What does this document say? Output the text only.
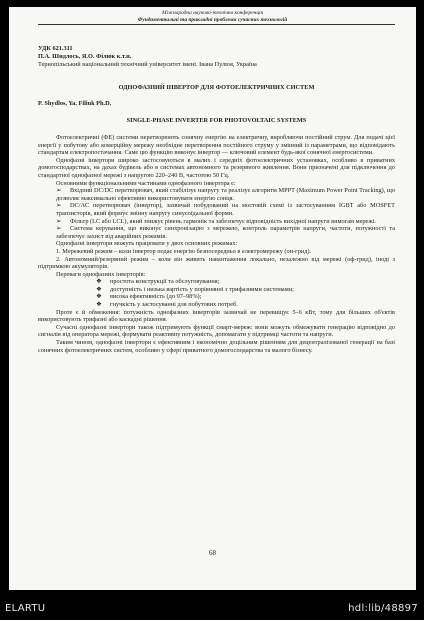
Міжнародна науково-технічна конференція
Фундаментальні та прикладні проблеми сучасних технологій
УДК 621.311
П.А. Шидлось, Я.О. Філюк к.т.н.
Тернопільський національний технічний університет імені. Івана Пулюя, Україна
ОДНОФАЗНИЙ ІНВЕРТОР ДЛЯ ФОТОЕЛЕКТРИЧНИХ СИСТЕМ
P. Shydlos, Ya. Filiuk Ph.D,
SINGLE-PHASE INVERTER FOR PHOTOVOLTAIC SYSTEMS

Фотоелектричні (ФЕ) системи перетворюють сонячну енергію на електричну, виробляючи постійний струм. Для подачі цієї енергії у побутову або комерційну мережу необхідне перетворення постійного струму у змінний із параметрами, що відповідають стандартам електропостачання. Саме цю функцію виконує інвертор — ключовий елемент будь-якої сонячної енергосистеми.

Однофазні інвертори широко застосовуються в малих і середніх фотоелектричних установках, особливо в приватних домогосподарствах, на дахах будівель або в системах автономного та резервного живлення. Вони призначені для підключення до стандартної однофазної мережі з напругою 220–240 В, частотою 50 Гц.

Основними функціональними частинами однофазного інвертора є:

➢ Вхідний DC/DC перетворювач, який стабілізує напругу та реалізує алгоритм MPPT (Maximum Power Point Tracking), що дозволяє максимально ефективно використовувати енергію сонця.

➢ DC/AC перетворювач (інвертор), зазвичай побудований на мостовій схемі із застосуванням IGBT або MOSFET транзисторів, який формує змінну напругу синусоїдальної форми.

➢ Фільтр (LC або LCL), який знижує рівень гармонік та забезпечує відповідність вихідної напруги вимогам мережі.

➢ Система керування, що виконує синхронізацію з мережею, контроль параметрів напруги, частоти, потужності та забезпечує захист від аварійних режимів.

Однофазні інвертори можуть працювати у двох основних режимах:

1. Мережевий режим – коли інвертор подає енергію безпосередньо в електромережу (он-грид).

2. Автономний/резервний режим – коли він живить навантаження локально, незалежно від мережі (оф-грид), іноді з підтримкою акумуляторів.

Переваги однофазних інверторів:

❖ простота конструкції та обслуговування;

❖ доступність і низька вартість у порівнянні з трифазними системами;

❖ висока ефективність (до 97–98%);

❖ гнучкість у застосуванні для побутових потреб.

Проте є й обмеження: потужність однофазних інверторів зазвичай не перевищує 5–6 кВт, тому для більших об'єктів використовують трифазні або каскадні рішення.

Сучасні однофазні інвертори також підтримують функції смарт-мереж: вони можуть обмежувати генерацію відповідно до сигналів від оператора мережі, формувати реактивну потужність, допомагати у підтримці частоти та напруги.

Таким чином, однофазні інвертори є ефективним і економічно доцільним рішенням для децентралізованої генерації на базі сонячних фотоелектричних систем, особливо у сфері приватного домогосподарства та малого бізнесу.

68
ELARTU	hdl:lib/48897
